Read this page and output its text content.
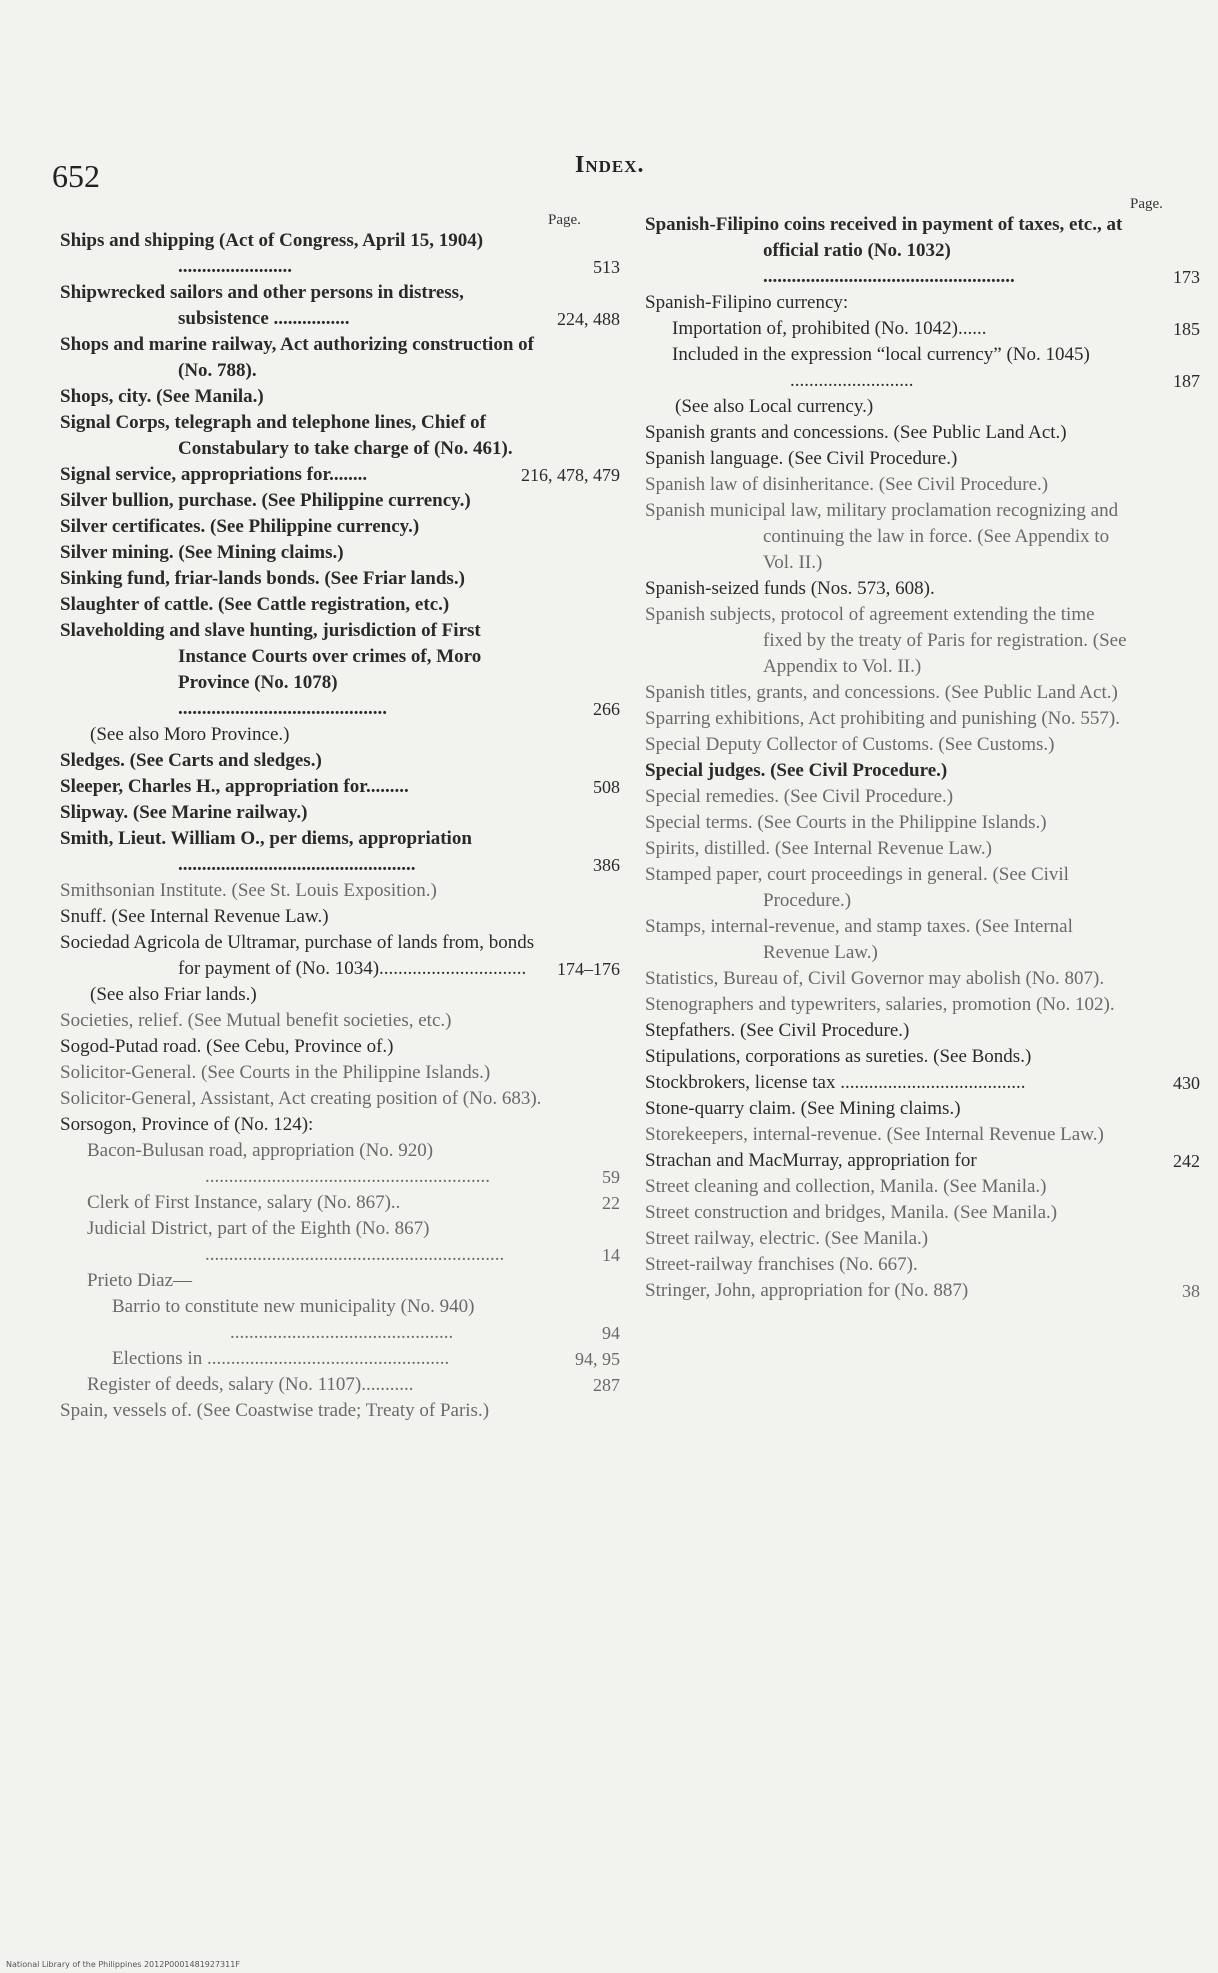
652	Index.
Page.
Page.

Ships and shipping (Act of Congress, April 15, 1904) ........................	513

Shipwrecked sailors and other persons in distress, subsistence ................	224, 488

Shops and marine railway, Act authorizing construction of (No. 788).

Shops, city. (See Manila.)

Signal Corps, telegraph and telephone lines, Chief of Constabulary to take charge of (No. 461).

Signal service, appropriations for........	216, 478, 479

Silver bullion, purchase. (See Philippine currency.)

Silver certificates. (See Philippine currency.)

Silver mining. (See Mining claims.)

Sinking fund, friar-lands bonds. (See Friar lands.)

Slaughter of cattle. (See Cattle registration, etc.)

Slaveholding and slave hunting, jurisdiction of First Instance Courts over crimes of, Moro Province (No. 1078) ............................................	266

(See also Moro Province.)

Sledges. (See Carts and sledges.)

Sleeper, Charles H., appropriation for.........	508

Slipway. (See Marine railway.)

Smith, Lieut. William O., per diems, appropriation ..................................................	386

Smithsonian Institute. (See St. Louis Exposition.)

Snuff. (See Internal Revenue Law.)

Sociedad Agricola de Ultramar, purchase of lands from, bonds for payment of (No. 1034)............................... 174–176

(See also Friar lands.)

Societies, relief. (See Mutual benefit societies, etc.)

Sogod-Putad road. (See Cebu, Province of.)

Solicitor-General. (See Courts in the Philippine Islands.)

Solicitor-General, Assistant, Act creating position of (No. 683).

Sorsogon, Province of (No. 124):

Bacon-Bulusan road, appropriation (No. 920) ............................................................	59

Clerk of First Instance, salary (No. 867)..	22

Judicial District, part of the Eighth (No. 867) ...............................................................	14

Prieto Diaz—

Barrio to constitute new municipality (No. 940) ...............................................	94

Elections in ...................................................	94, 95

Register of deeds, salary (No. 1107)...........	287

Spain, vessels of. (See Coastwise trade; Treaty of Paris.)

Spanish-Filipino coins received in payment of taxes, etc., at official ratio (No. 1032) .....................................................	173

Spanish-Filipino currency:

Importation of, prohibited (No. 1042)......	185

Included in the expression “local currency” (No. 1045) ..........................	187

(See also Local currency.)

Spanish grants and concessions. (See Public Land Act.)

Spanish language. (See Civil Procedure.)

Spanish law of disinheritance. (See Civil Procedure.)

Spanish municipal law, military proclamation recognizing and continuing the law in force. (See Appendix to Vol. II.)

Spanish-seized funds (Nos. 573, 608).

Spanish subjects, protocol of agreement extending the time fixed by the treaty of Paris for registration. (See Appendix to Vol. II.)

Spanish titles, grants, and concessions. (See Public Land Act.)

Sparring exhibitions, Act prohibiting and punishing (No. 557).

Special Deputy Collector of Customs. (See Customs.)

Special judges. (See Civil Procedure.)

Special remedies. (See Civil Procedure.)

Special terms. (See Courts in the Philippine Islands.)

Spirits, distilled. (See Internal Revenue Law.)

Stamped paper, court proceedings in general. (See Civil Procedure.)

Stamps, internal-revenue, and stamp taxes. (See Internal Revenue Law.)

Statistics, Bureau of, Civil Governor may abolish (No. 807).

Stenographers and typewriters, salaries, promotion (No. 102).

Stepfathers. (See Civil Procedure.)

Stipulations, corporations as sureties. (See Bonds.)

Stockbrokers, license tax .......................................	430

Stone-quarry claim. (See Mining claims.)

Storekeepers, internal-revenue. (See Internal Revenue Law.)

Strachan and MacMurray, appropriation for	242

Street cleaning and collection, Manila. (See Manila.)

Street construction and bridges, Manila. (See Manila.)

Street railway, electric. (See Manila.)

Street-railway franchises (No. 667).

Stringer, John, appropriation for (No. 887)	38

National Library of the Philippines 2012P0001481927311F
